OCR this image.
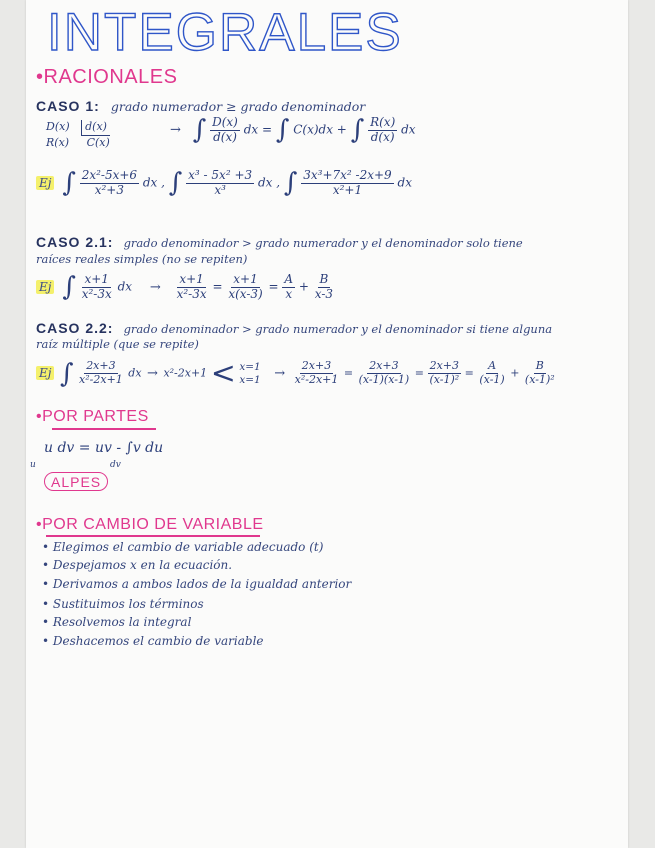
INTEGRALES
•RACIONALES
CASO 1: grado numerador ≥ grado denominador
D(x) d(x)
R(x) C(x)
→ ∫ $\frac{D(x)}{d(x)}$ dx = ∫ C(x)dx + ∫ $\frac{R(x)}{d(x)}$ dx
Ej ∫ $\frac{\text{2x²-5x+6}}{\text{x²+3}}$ dx , ∫ $\frac{\text{x³ - 5x² +3}}{\text{x³}}$ dx , ∫ $\frac{\text{3x³+7x² -2x+9}}{\text{x²+1}}$ dx
CASO 2.1: grado denominador > grado numerador y el denominador solo tiene
raíces reales simples (no se repiten)
Ej ∫ $\frac{x+1}{\text{x²-3x}}$ dx → $\frac{x+1}{\text{x²-3x}} = \frac{x+1}{x(x-3)} = \frac{A}{x} + \frac{B}{x-3}$
CASO 2.2: grado denominador > grado numerador y el denominador si tiene alguna
raíz múltiple (que se repite)
Ej ∫ $\frac{2x+3}{\text{x²-2x+1}}$ dx → x²-2x+1 < x=1
$x=1 \to \frac{2x+3}{\text{x²-2x+1}} = \frac{2x+3}{(x-1)(x-1)} = \frac{2x+3}{\text{(x-1)²}} = \frac{A}{(x-1)} + \frac{B}{\text{(x-1)²}}$
•POR PARTES
u dv = uv - ∫v du
u	dv
ALPES
•POR CAMBIO DE VARIABLE
• Elegimos el cambio de variable adecuado (t)
• Despejamos x en la ecuación.
• Derivamos a ambos lados de la igualdad anterior
• Sustituimos los términos
• Resolvemos la integral
• Deshacemos el cambio de variable
